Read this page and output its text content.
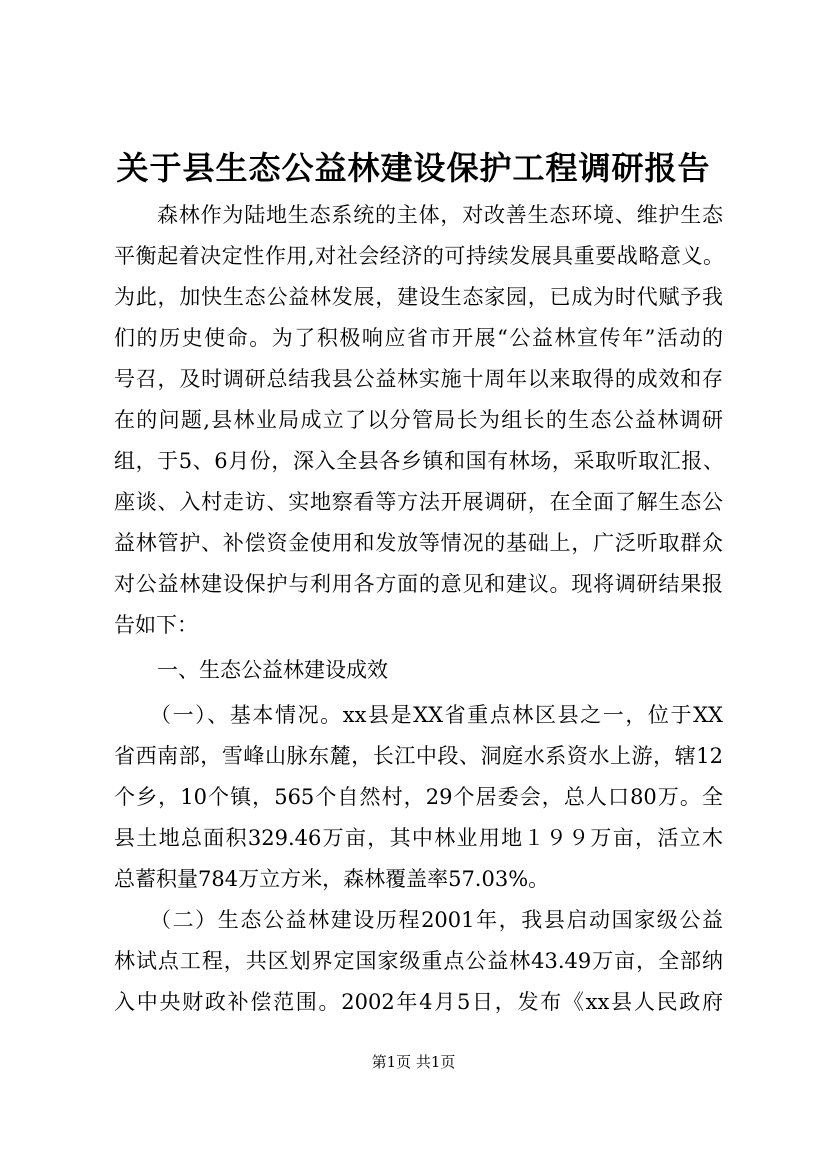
关于县生态公益林建设保护工程调研报告
森林作为陆地生态系统的主体，对改善生态环境、维护生态
平衡起着决定性作用,对社会经济的可持续发展具重要战略意义。
为此，加快生态公益林发展，建设生态家园，已成为时代赋予我
们的历史使命。为了积极响应省市开展“公益林宣传年”活动的
号召，及时调研总结我县公益林实施十周年以来取得的成效和存
在的问题,县林业局成立了以分管局长为组长的生态公益林调研
组，于5、6月份，深入全县各乡镇和国有林场，采取听取汇报、
座谈、入村走访、实地察看等方法开展调研，在全面了解生态公
益林管护、补偿资金使用和发放等情况的基础上，广泛听取群众
对公益林建设保护与利用各方面的意见和建议。现将调研结果报
告如下：
一、生态公益林建设成效
（一）、基本情况。xx县是XX省重点林区县之一，位于XX
省西南部，雪峰山脉东麓，长江中段、洞庭水系资水上游，辖12
个乡，10个镇，565个自然村，29个居委会，总人口80万。全
县土地总面积329.46万亩，其中林业用地１９９万亩，活立木
总蓄积量784万立方米，森林覆盖率57.03%。
（二）生态公益林建设历程2001年，我县启动国家级公益
林试点工程，共区划界定国家级重点公益林43.49万亩，全部纳
入中央财政补偿范围。2002年4月5日，发布《xx县人民政府
第1页 共1页
